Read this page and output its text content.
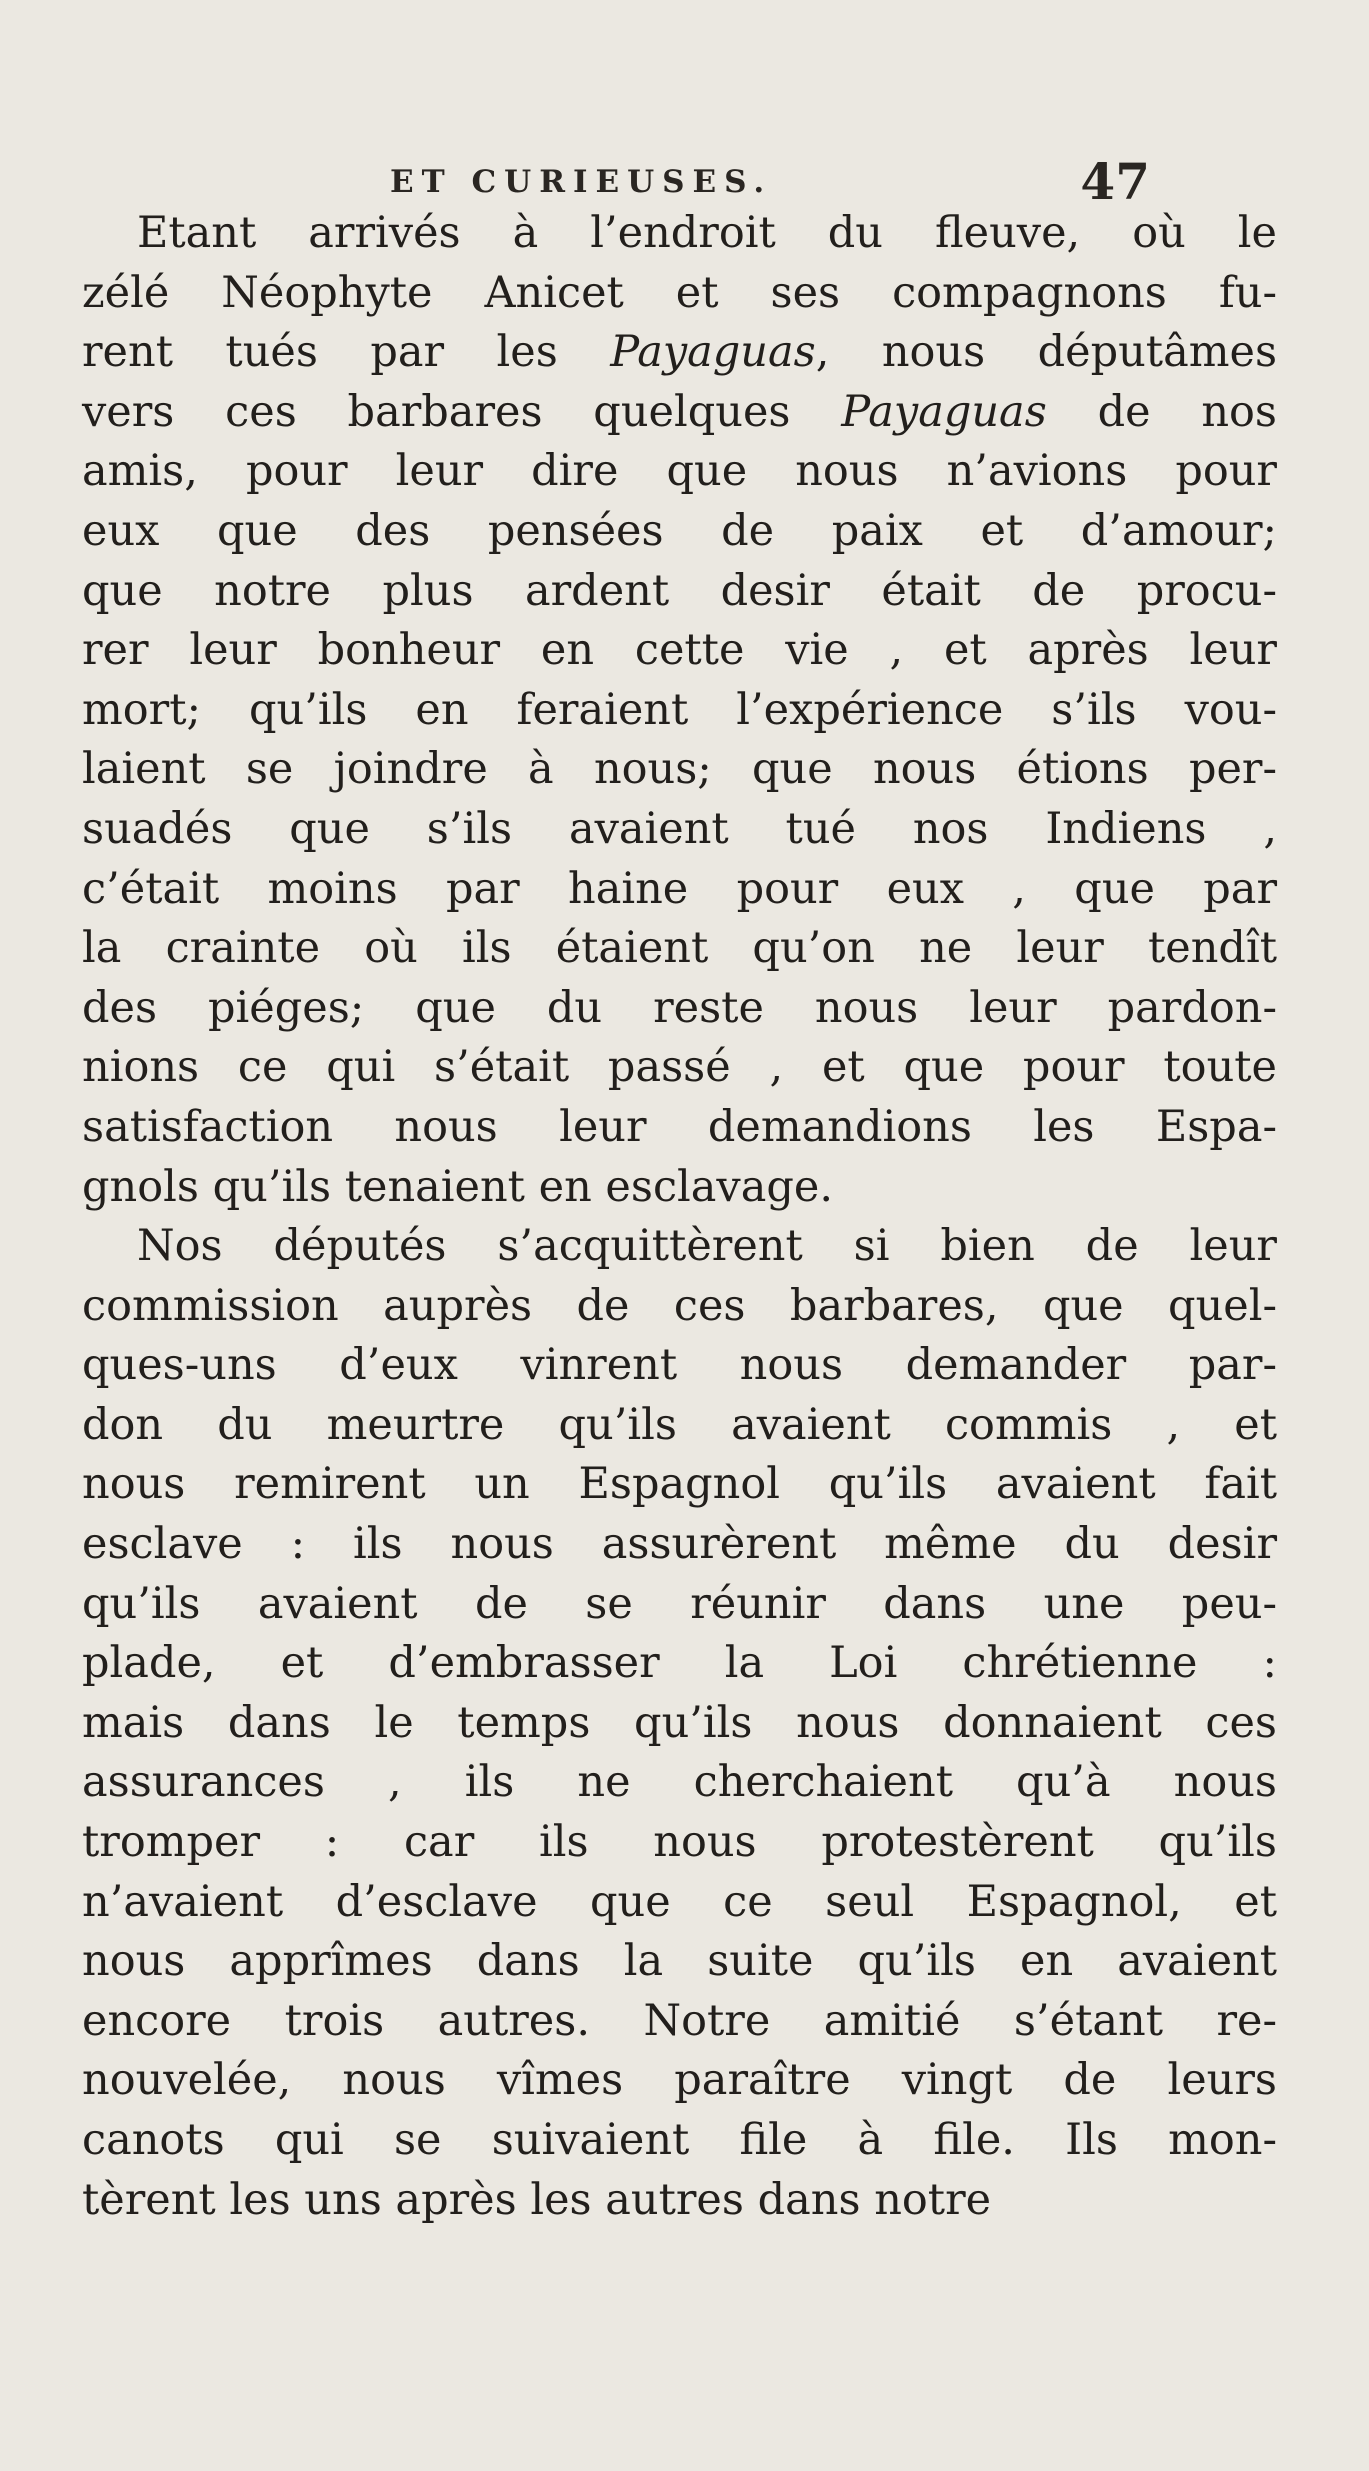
ET CURIEUSES.	47
Etant arrivés à l’endroit du fleuve, où le
zélé Néophyte Anicet et ses compagnons fu-
rent tués par les Payaguas, nous députâmes
vers ces barbares quelques Payaguas de nos
amis, pour leur dire que nous n’avions pour
eux que des pensées de paix et d’amour;
que notre plus ardent desir était de procu-
rer leur bonheur en cette vie , et après leur
mort; qu’ils en feraient l’expérience s’ils vou-
laient se joindre à nous; que nous étions per-
suadés que s’ils avaient tué nos Indiens ,
c’était moins par haine pour eux , que par
la crainte où ils étaient qu’on ne leur tendît
des piéges; que du reste nous leur pardon-
nions ce qui s’était passé , et que pour toute
satisfaction nous leur demandions les Espa-
gnols qu’ils tenaient en esclavage.
Nos députés s’acquittèrent si bien de leur
commission auprès de ces barbares, que quel-
ques-uns d’eux vinrent nous demander par-
don du meurtre qu’ils avaient commis , et
nous remirent un Espagnol qu’ils avaient fait
esclave : ils nous assurèrent même du desir
qu’ils avaient de se réunir dans une peu-
plade, et d’embrasser la Loi chrétienne :
mais dans le temps qu’ils nous donnaient ces
assurances , ils ne cherchaient qu’à nous
tromper : car ils nous protestèrent qu’ils
n’avaient d’esclave que ce seul Espagnol, et
nous apprîmes dans la suite qu’ils en avaient
encore trois autres. Notre amitié s’étant re-
nouvelée, nous vîmes paraître vingt de leurs
canots qui se suivaient file à file. Ils mon-
tèrent les uns après les autres dans notre
